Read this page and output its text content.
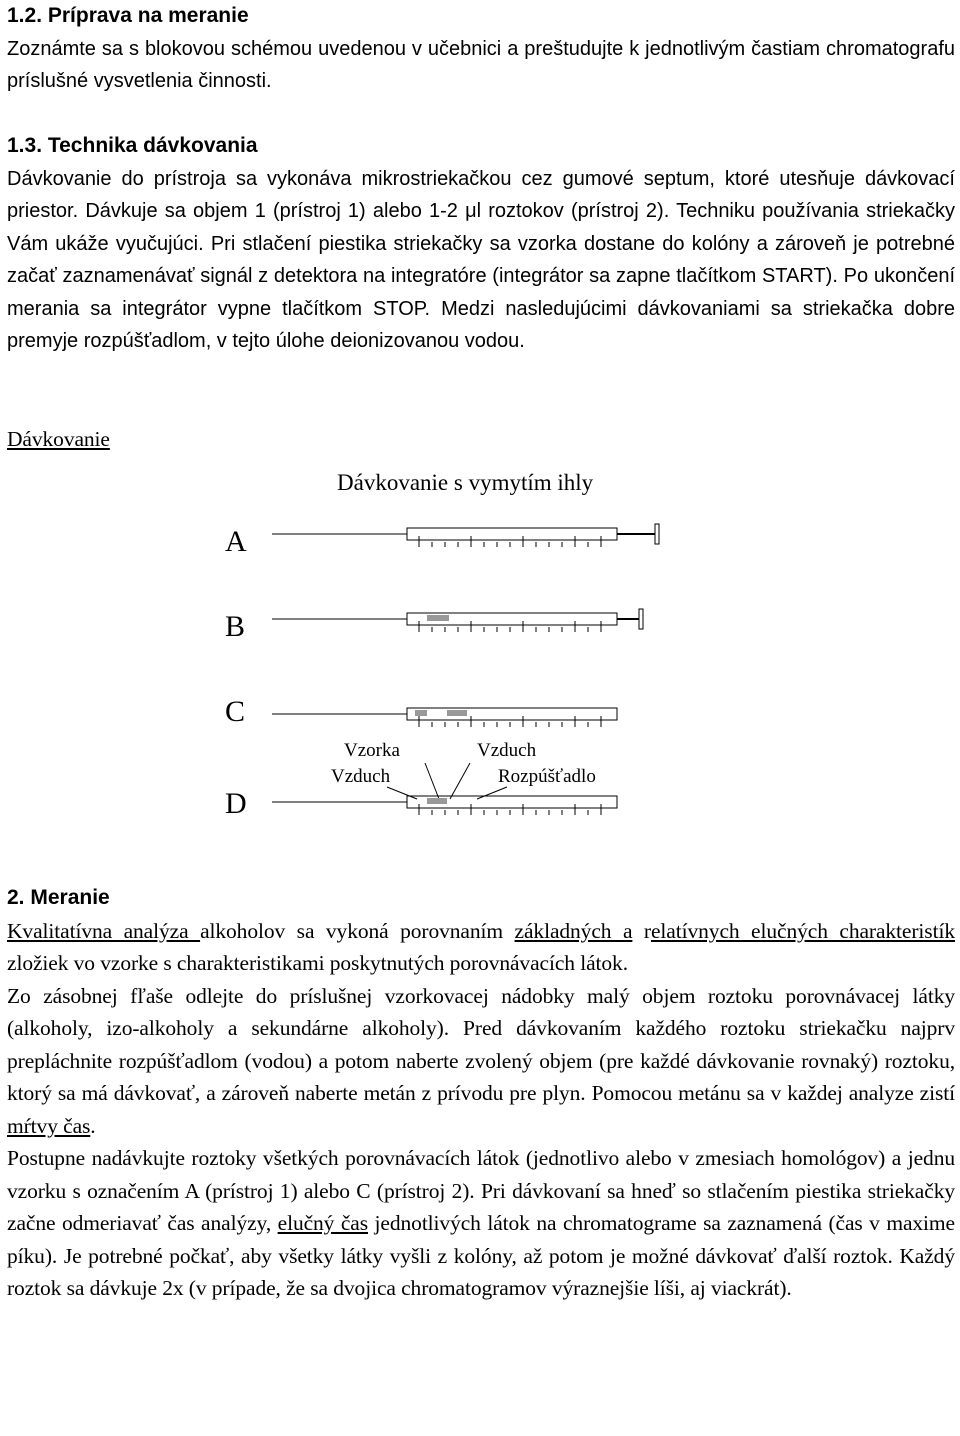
1.2. Príprava na meranie

Zoznámte sa s blokovou schémou uvedenou v učebnici a preštudujte k jednotlivým častiam chromatografu príslušné vysvetlenia činnosti.

1.3. Technika dávkovania

Dávkovanie do prístroja sa vykonáva mikrostriekačkou cez gumové septum, ktoré utesňuje dávkovací priestor. Dávkuje sa objem 1 (prístroj 1) alebo 1-2 μl roztokov (prístroj 2). Techniku používania striekačky Vám ukáže vyučujúci. Pri stlačení piestika striekačky sa vzorka dostane do kolóny a zároveň je potrebné začať zaznamenávať signál z detektora na integratóre (integrátor sa zapne tlačítkom START). Po ukončení merania sa integrátor vypne tlačítkom STOP. Medzi nasledujúcimi dávkovaniami sa striekačka dobre premyje rozpúšťadlom, v tejto úlohe deionizovanou vodou.

Dávkovanie
Dávkovanie s vymytím ihly
A
B
C
D
Vzorka
Vzduch
Vzduch
Rozpúšťadlo
2. Meranie

Kvalitatívna analýza alkoholov sa vykoná porovnaním základných a relatívnych elučných charakteristík zložiek vo vzorke s charakteristikami poskytnutých porovnávacích látok.

Zo zásobnej fľaše odlejte do príslušnej vzorkovacej nádobky malý objem roztoku porovnávacej látky (alkoholy, izo-alkoholy a sekundárne alkoholy). Pred dávkovaním každého roztoku striekačku najprv prepláchnite rozpúšťadlom (vodou) a potom naberte zvolený objem (pre každé dávkovanie rovnaký) roztoku, ktorý sa má dávkovať, a zároveň naberte metán z prívodu pre plyn. Pomocou metánu sa v každej analyze zistí mŕtvy čas.

Postupne nadávkujte roztoky všetkých porovnávacích látok (jednotlivo alebo v zmesiach homológov) a jednu vzorku s označením A (prístroj 1) alebo C (prístroj 2). Pri dávkovaní sa hneď so stlačením piestika striekačky začne odmeriavať čas analýzy, elučný čas jednotlivých látok na chromatograme sa zaznamená (čas v maxime píku). Je potrebné počkať, aby všetky látky vyšli z kolóny, až potom je možné dávkovať ďalší roztok. Každý roztok sa dávkuje 2x (v prípade, že sa dvojica chromatogramov výraznejšie líši, aj viackrát).
